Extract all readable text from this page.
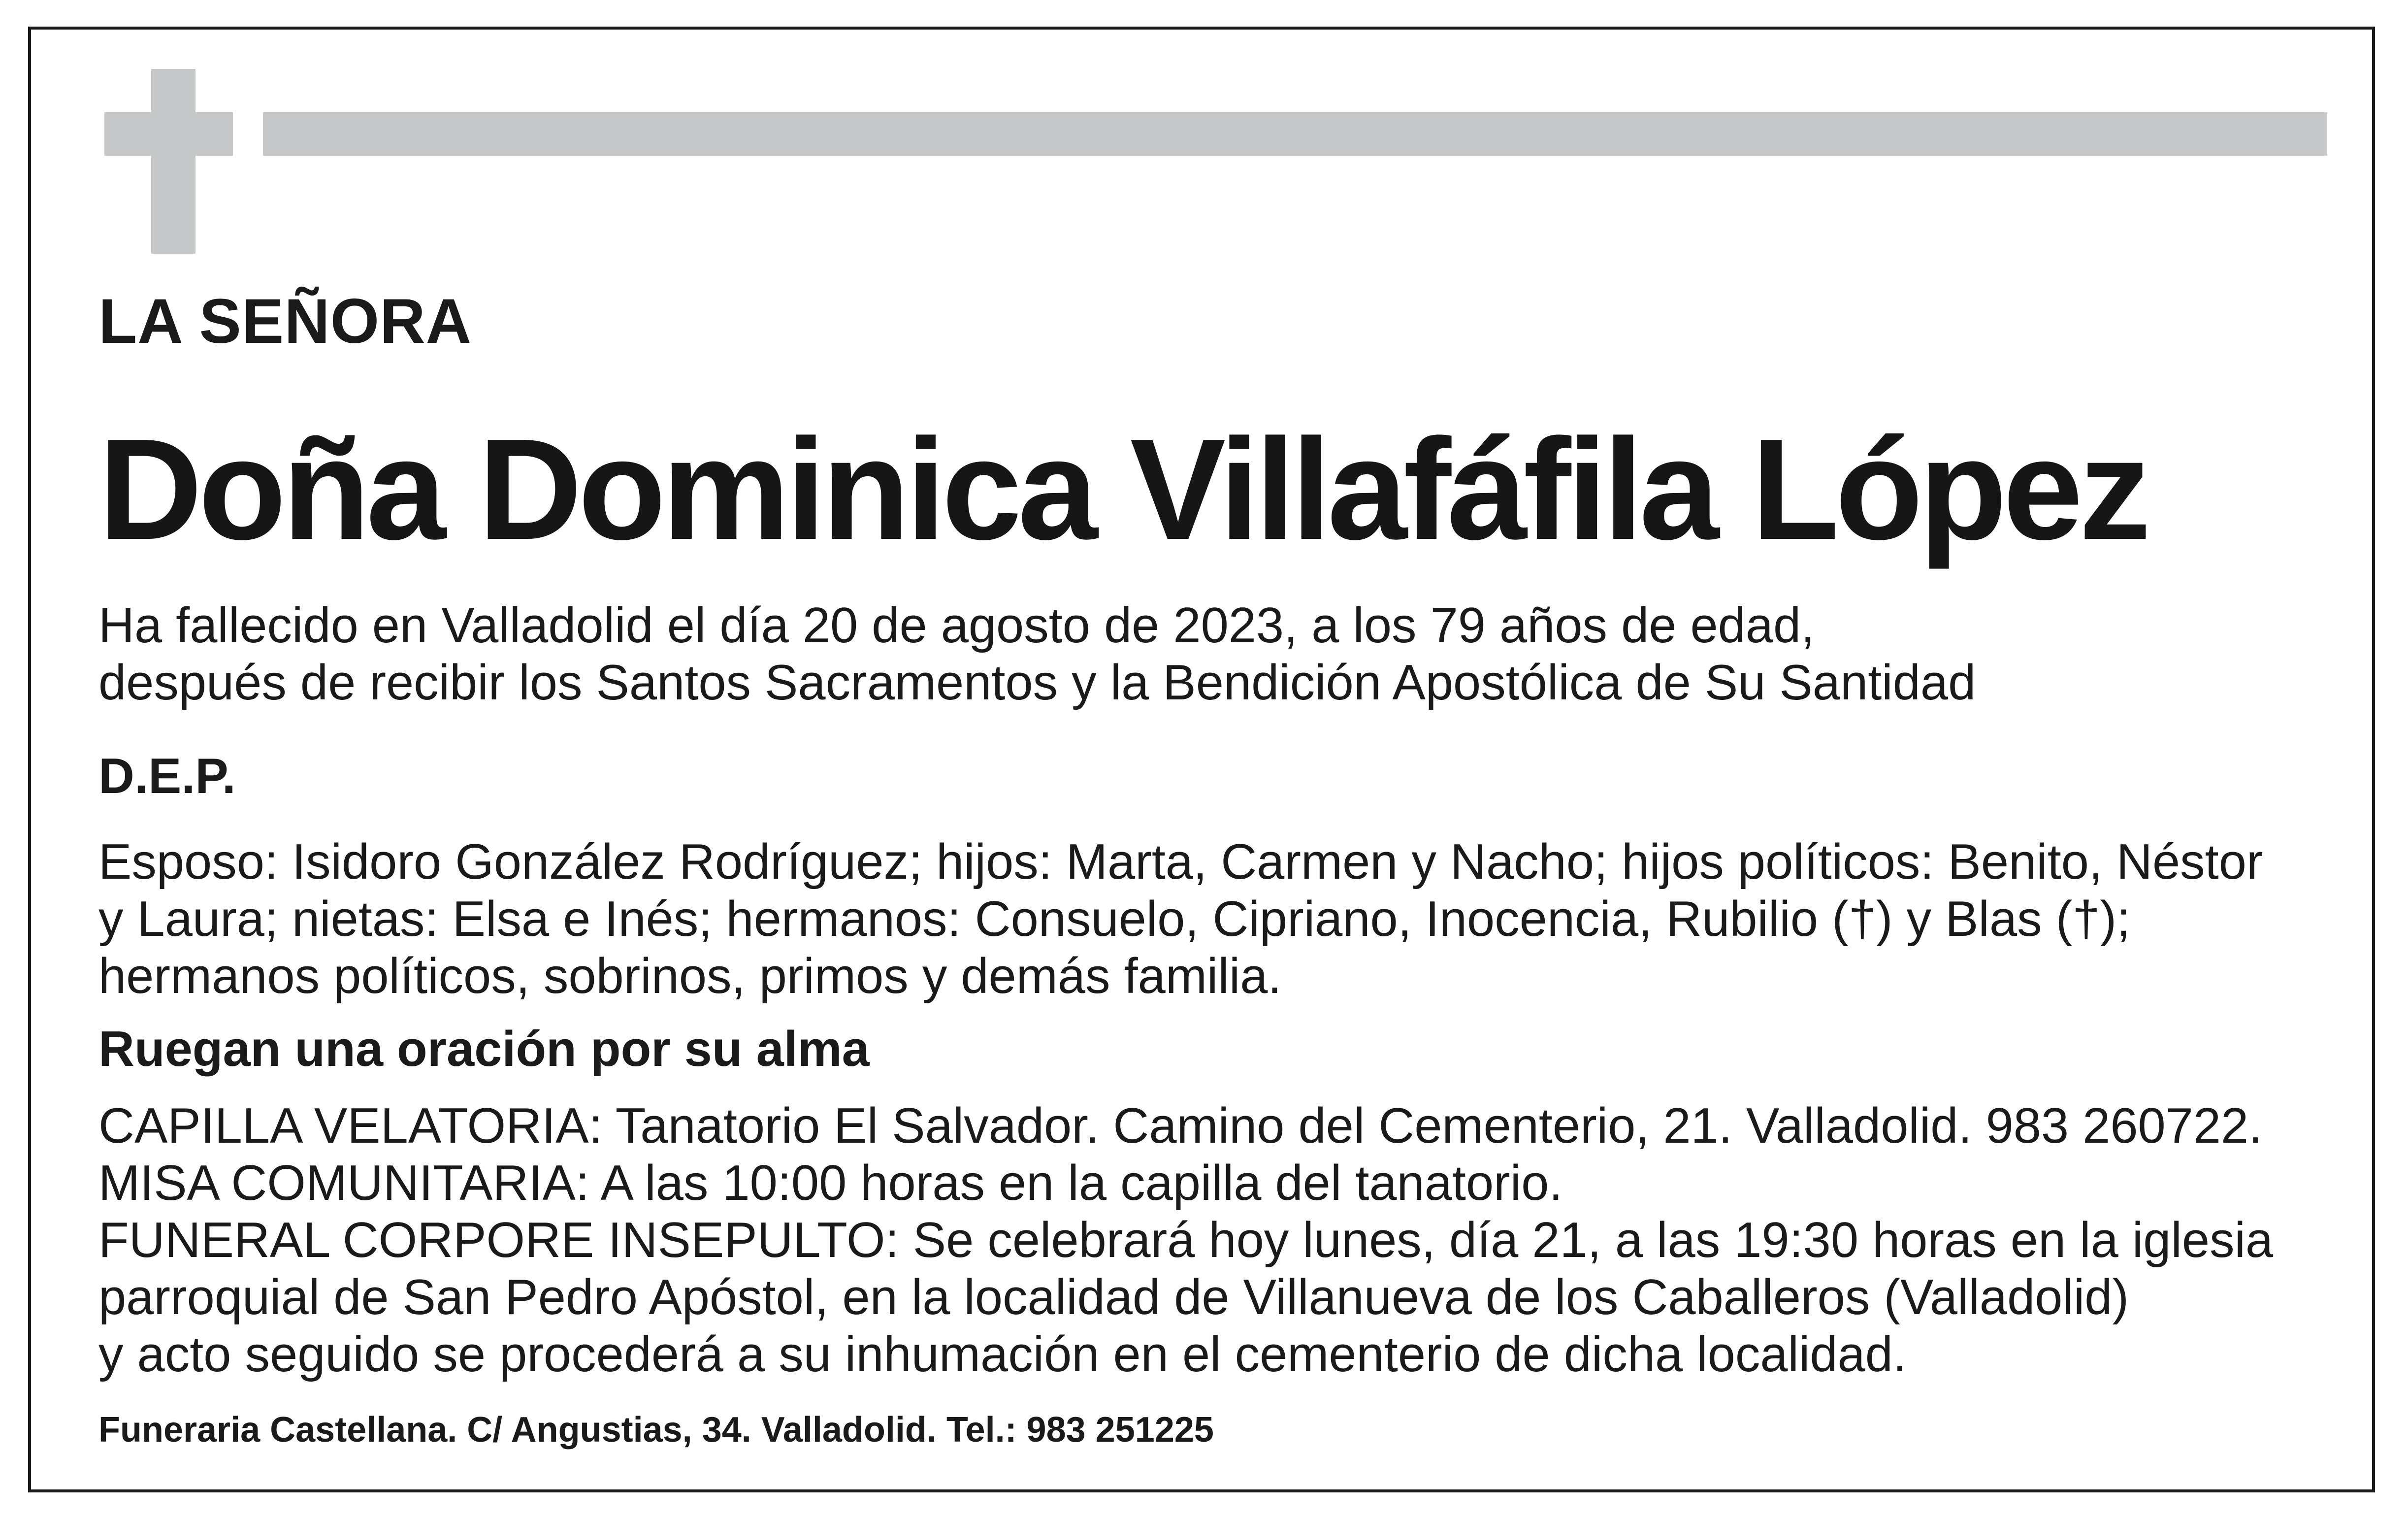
LA SEÑORA
Doña Dominica Villafáfila López
Ha fallecido en Valladolid el día 20 de agosto de 2023, a los 79 años de edad,
después de recibir los Santos Sacramentos y la Bendición Apostólica de Su Santidad
D.E.P.
Esposo: Isidoro González Rodríguez; hijos: Marta, Carmen y Nacho; hijos políticos: Benito, Néstor
y Laura; nietas: Elsa e Inés; hermanos: Consuelo, Cipriano, Inocencia, Rubilio (†) y Blas (†);
hermanos políticos, sobrinos, primos y demás familia.
Ruegan una oración por su alma
CAPILLA VELATORIA: Tanatorio El Salvador. Camino del Cementerio, 21. Valladolid. 983 260722.
MISA COMUNITARIA: A las 10:00 horas en la capilla del tanatorio.
FUNERAL CORPORE INSEPULTO: Se celebrará hoy lunes, día 21, a las 19:30 horas en la iglesia
parroquial de San Pedro Apóstol, en la localidad de Villanueva de los Caballeros (Valladolid)
y acto seguido se procederá a su inhumación en el cementerio de dicha localidad.
Funeraria Castellana. C/ Angustias, 34. Valladolid. Tel.: 983 251225
